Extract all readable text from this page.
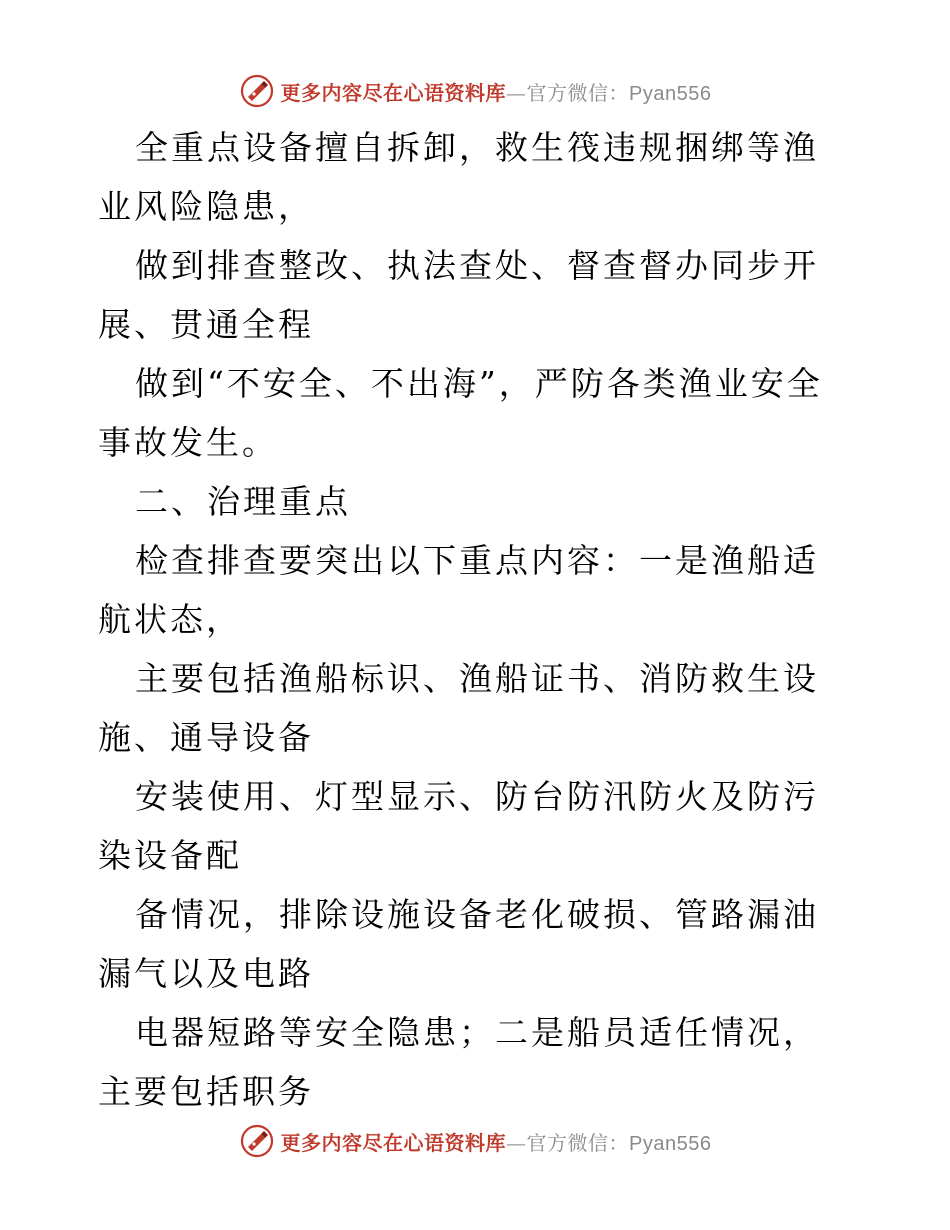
更多内容尽在心语资料库—官方微信：Pyan556

全重点设备擅自拆卸，救生筏违规捆绑等渔业风险隐患，

做到排查整改、执法查处、督查督办同步开展、贯通全程

做到“不安全、不出海”，严防各类渔业安全事故发生。

二、治理重点

检查排查要突出以下重点内容：一是渔船适航状态，

主要包括渔船标识、渔船证书、消防救生设施、通导设备

安装使用、灯型显示、防台防汛防火及防污染设备配

备情况，排除设施设备老化破损、管路漏油漏气以及电路

电器短路等安全隐患；二是船员适任情况，主要包括职务

更多内容尽在心语资料库—官方微信：Pyan556
